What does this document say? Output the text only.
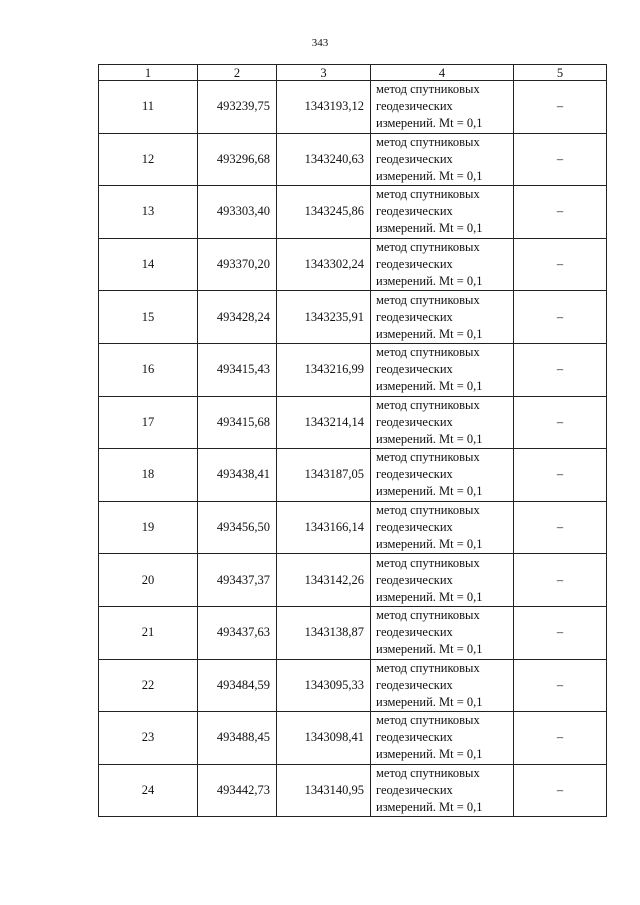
343
1	2	3	4	5
11	493239,75	1343193,12	метод спутниковых
геодезических
измерений. Mt = 0,1	–
12	493296,68	1343240,63	метод спутниковых
геодезических
измерений. Mt = 0,1	–
13	493303,40	1343245,86	метод спутниковых
геодезических
измерений. Mt = 0,1	–
14	493370,20	1343302,24	метод спутниковых
геодезических
измерений. Mt = 0,1	–
15	493428,24	1343235,91	метод спутниковых
геодезических
измерений. Mt = 0,1	–
16	493415,43	1343216,99	метод спутниковых
геодезических
измерений. Mt = 0,1	–
17	493415,68	1343214,14	метод спутниковых
геодезических
измерений. Mt = 0,1	–
18	493438,41	1343187,05	метод спутниковых
геодезических
измерений. Mt = 0,1	–
19	493456,50	1343166,14	метод спутниковых
геодезических
измерений. Mt = 0,1	–
20	493437,37	1343142,26	метод спутниковых
геодезических
измерений. Mt = 0,1	–
21	493437,63	1343138,87	метод спутниковых
геодезических
измерений. Mt = 0,1	–
22	493484,59	1343095,33	метод спутниковых
геодезических
измерений. Mt = 0,1	–
23	493488,45	1343098,41	метод спутниковых
геодезических
измерений. Mt = 0,1	–
24	493442,73	1343140,95	метод спутниковых
геодезических
измерений. Mt = 0,1	–
